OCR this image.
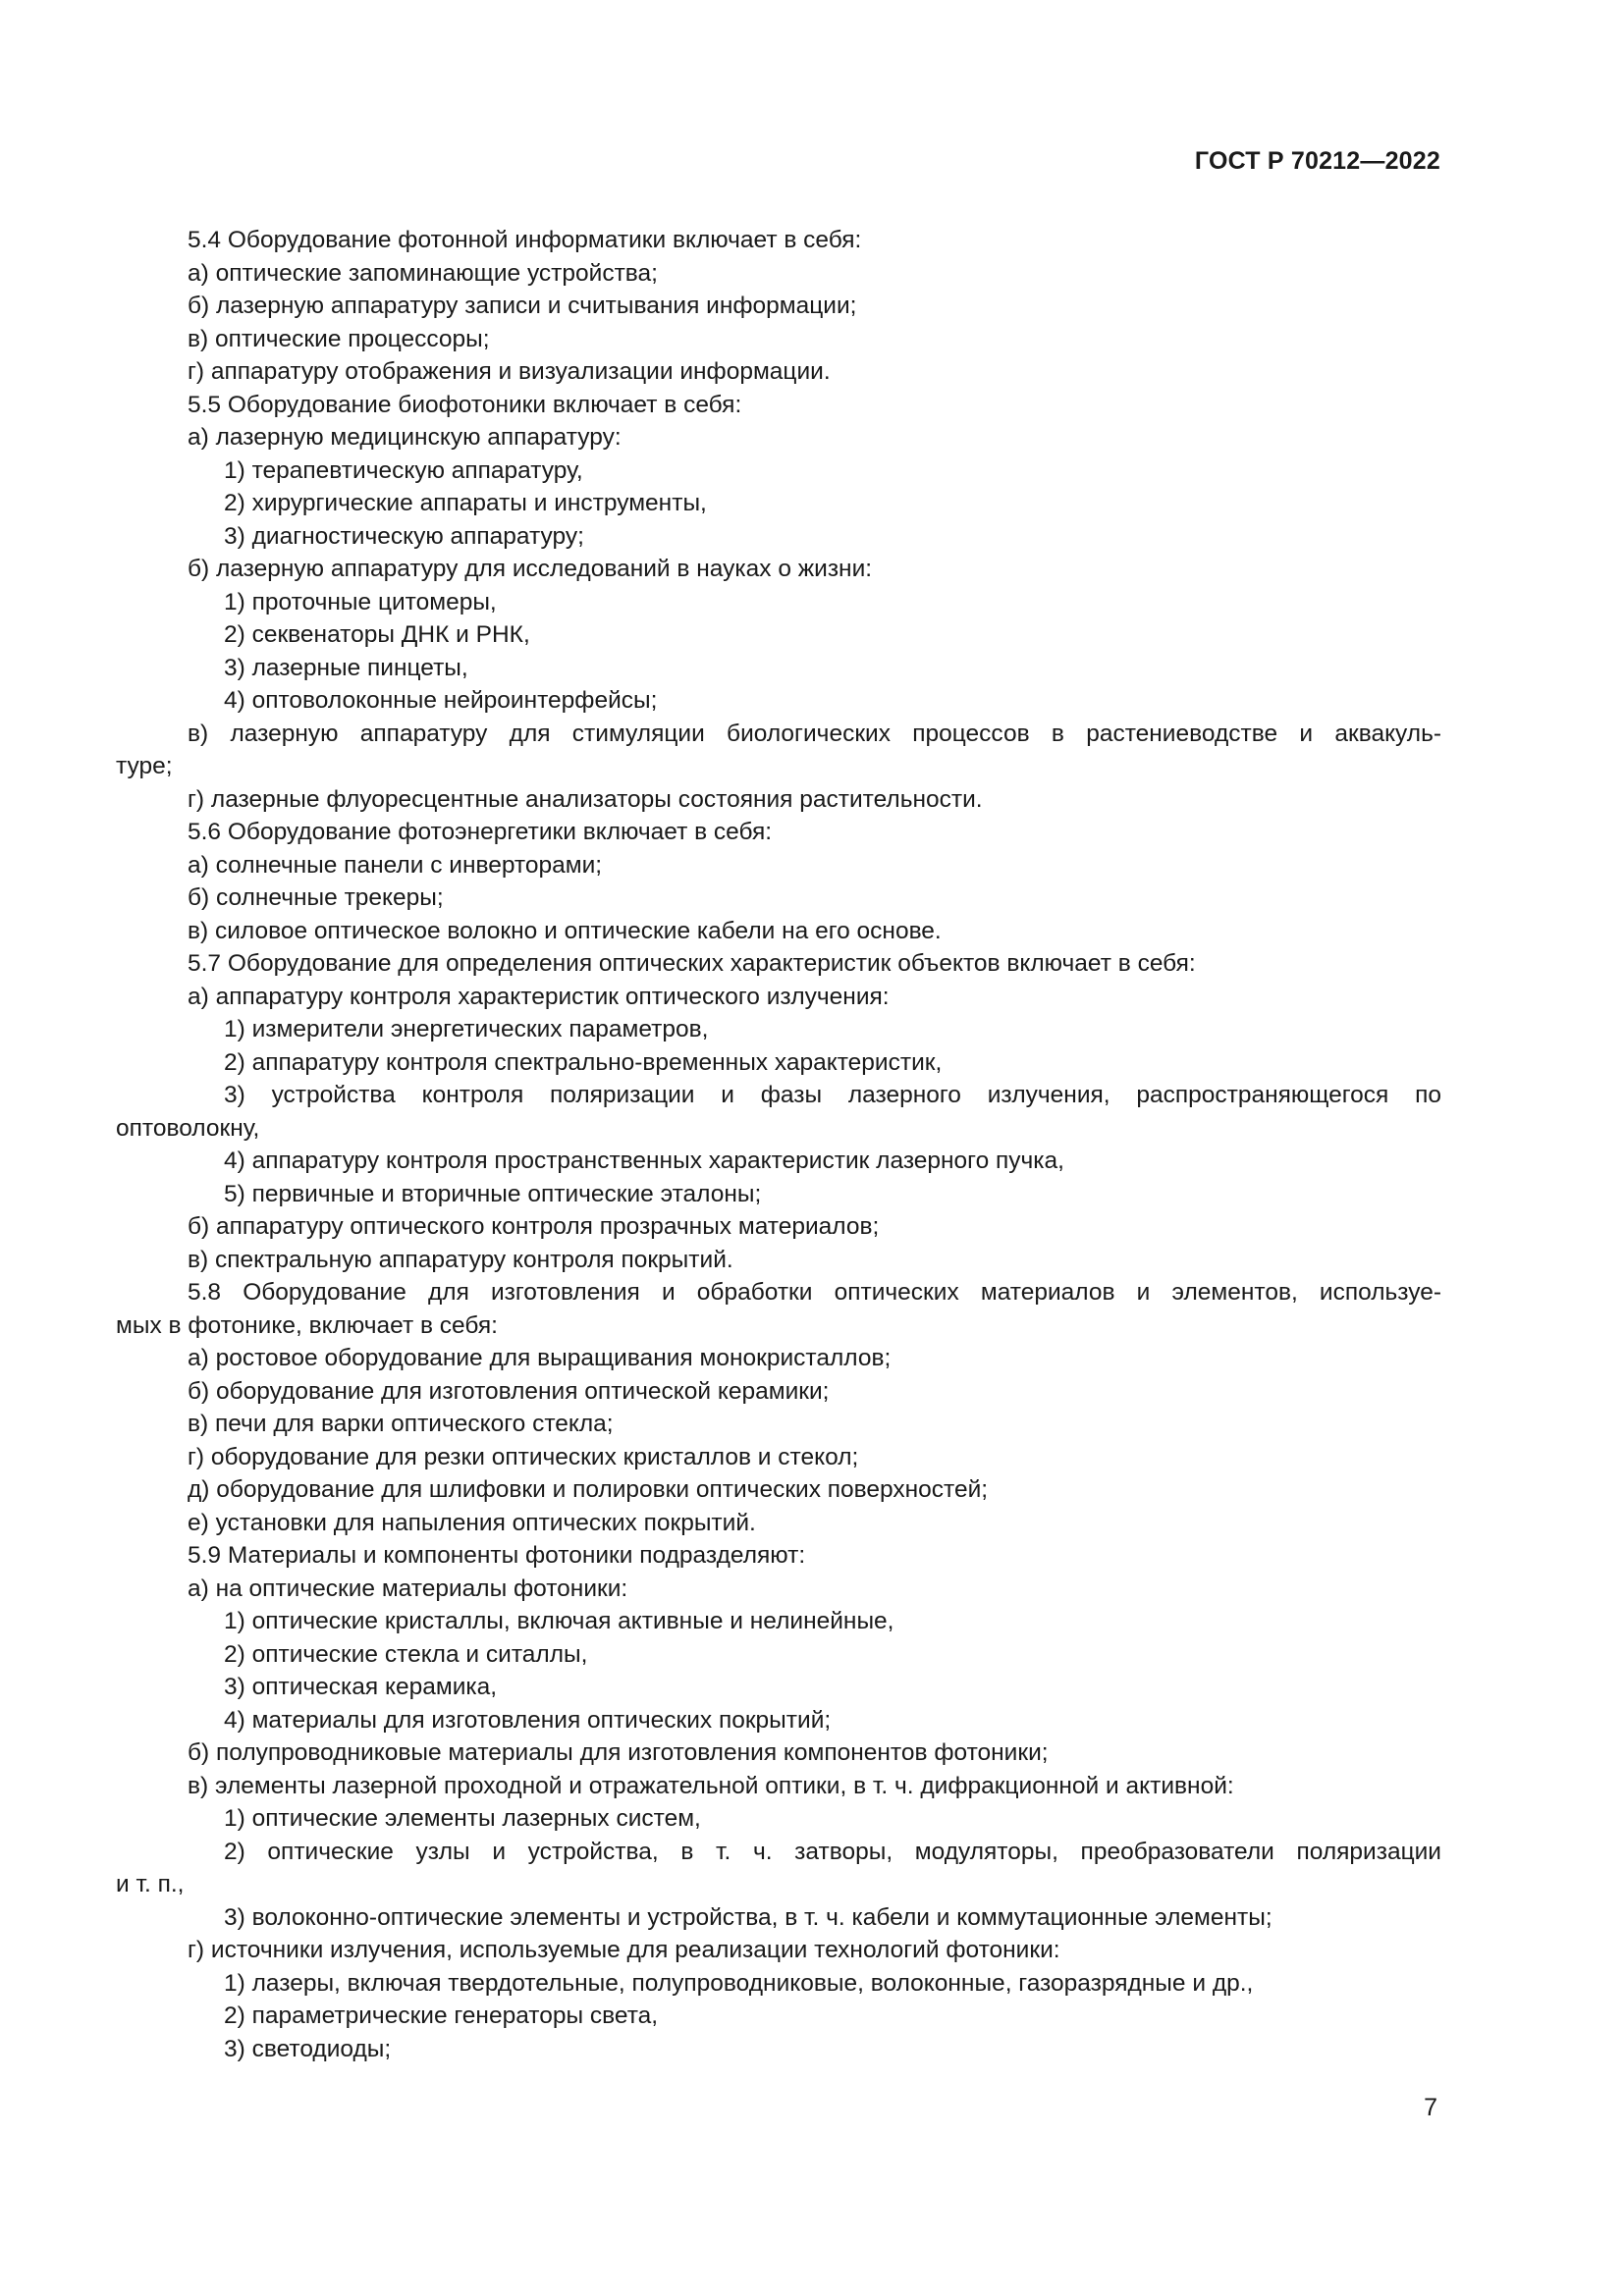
ГОСТ Р 70212—2022
5.4 Оборудование фотонной информатики включает в себя:
а) оптические запоминающие устройства;
б) лазерную аппаратуру записи и считывания информации;
в) оптические процессоры;
г) аппаратуру отображения и визуализации информации.
5.5 Оборудование биофотоники включает в себя:
а) лазерную медицинскую аппаратуру:
1) терапевтическую аппаратуру,
2) хирургические аппараты и инструменты,
3) диагностическую аппаратуру;
б) лазерную аппаратуру для исследований в науках о жизни:
1) проточные цитомеры,
2) секвенаторы ДНК и РНК,
3) лазерные пинцеты,
4) оптоволоконные нейроинтерфейсы;
в) лазерную аппаратуру для стимуляции биологических процессов в растениеводстве и аквакуль-
туре;
г) лазерные флуоресцентные анализаторы состояния растительности.
5.6 Оборудование фотоэнергетики включает в себя:
а) солнечные панели с инверторами;
б) солнечные трекеры;
в) силовое оптическое волокно и оптические кабели на его основе.
5.7 Оборудование для определения оптических характеристик объектов включает в себя:
а) аппаратуру контроля характеристик оптического излучения:
1) измерители энергетических параметров,
2) аппаратуру контроля спектрально-временных характеристик,
3) устройства контроля поляризации и фазы лазерного излучения, распространяющегося по
оптоволокну,
4) аппаратуру контроля пространственных характеристик лазерного пучка,
5) первичные и вторичные оптические эталоны;
б) аппаратуру оптического контроля прозрачных материалов;
в) спектральную аппаратуру контроля покрытий.
5.8 Оборудование для изготовления и обработки оптических материалов и элементов, используе-
мых в фотонике, включает в себя:
а) ростовое оборудование для выращивания монокристаллов;
б) оборудование для изготовления оптической керамики;
в) печи для варки оптического стекла;
г) оборудование для резки оптических кристаллов и стекол;
д) оборудование для шлифовки и полировки оптических поверхностей;
е) установки для напыления оптических покрытий.
5.9 Материалы и компоненты фотоники подразделяют:
а) на оптические материалы фотоники:
1) оптические кристаллы, включая активные и нелинейные,
2) оптические стекла и ситаллы,
3) оптическая керамика,
4) материалы для изготовления оптических покрытий;
б) полупроводниковые материалы для изготовления компонентов фотоники;
в) элементы лазерной проходной и отражательной оптики, в т. ч. дифракционной и активной:
1) оптические элементы лазерных систем,
2) оптические узлы и устройства, в т. ч. затворы, модуляторы, преобразователи поляризации
и т. п.,
3) волоконно-оптические элементы и устройства, в т. ч. кабели и коммутационные элементы;
г) источники излучения, используемые для реализации технологий фотоники:
1) лазеры, включая твердотельные, полупроводниковые, волоконные, газоразрядные и др.,
2) параметрические генераторы света,
3) светодиоды;
7
